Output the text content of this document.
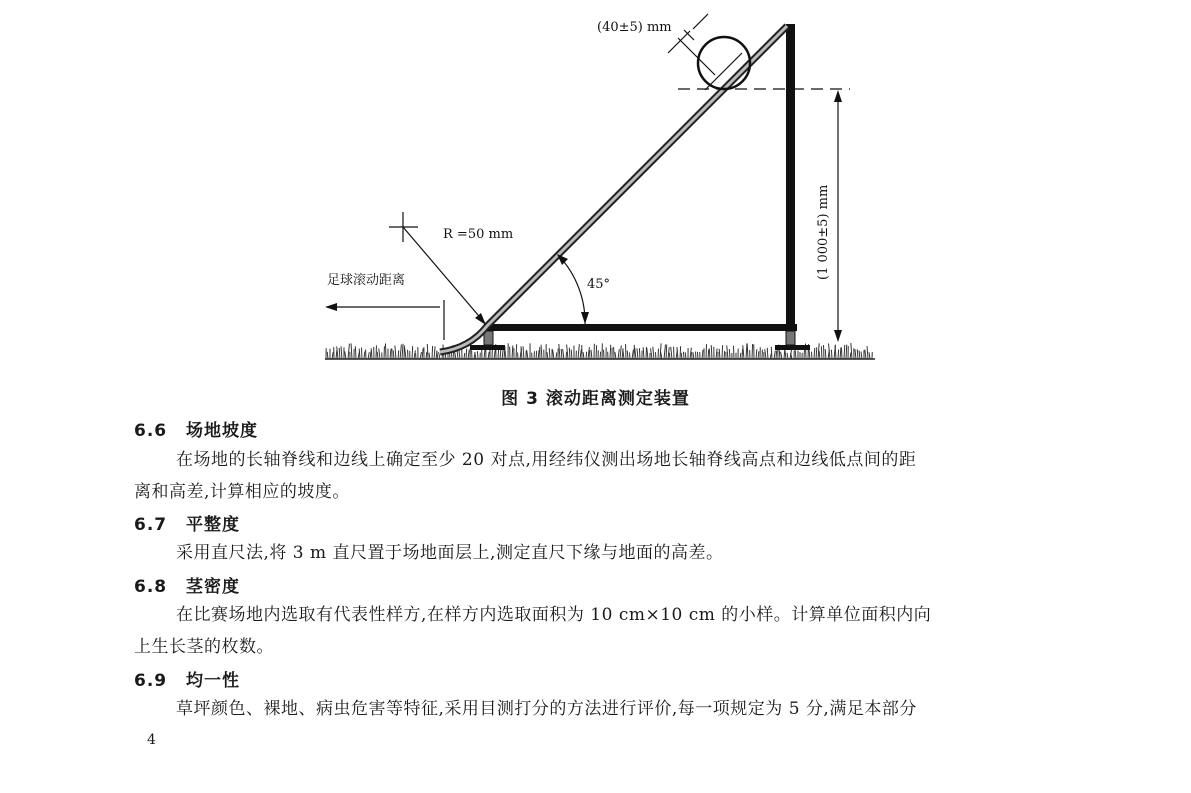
(40±5) mm
R =50 mm
足球滚动距离	45°
(1 000±5) mm
图 3 滚动距离测定装置
6.6 场地坡度
在场地的长轴脊线和边线上确定至少 20 对点,用经纬仪测出场地长轴脊线高点和边线低点间的距
离和高差,计算相应的坡度。
6.7 平整度
采用直尺法,将 3 m 直尺置于场地面层上,测定直尺下缘与地面的高差。
6.8 茎密度
在比赛场地内选取有代表性样方,在样方内选取面积为 10 cm×10 cm 的小样。计算单位面积内向
上生长茎的枚数。
6.9 均一性
草坪颜色、裸地、病虫危害等特征,采用目测打分的方法进行评价,每一项规定为 5 分,满足本部分
4
